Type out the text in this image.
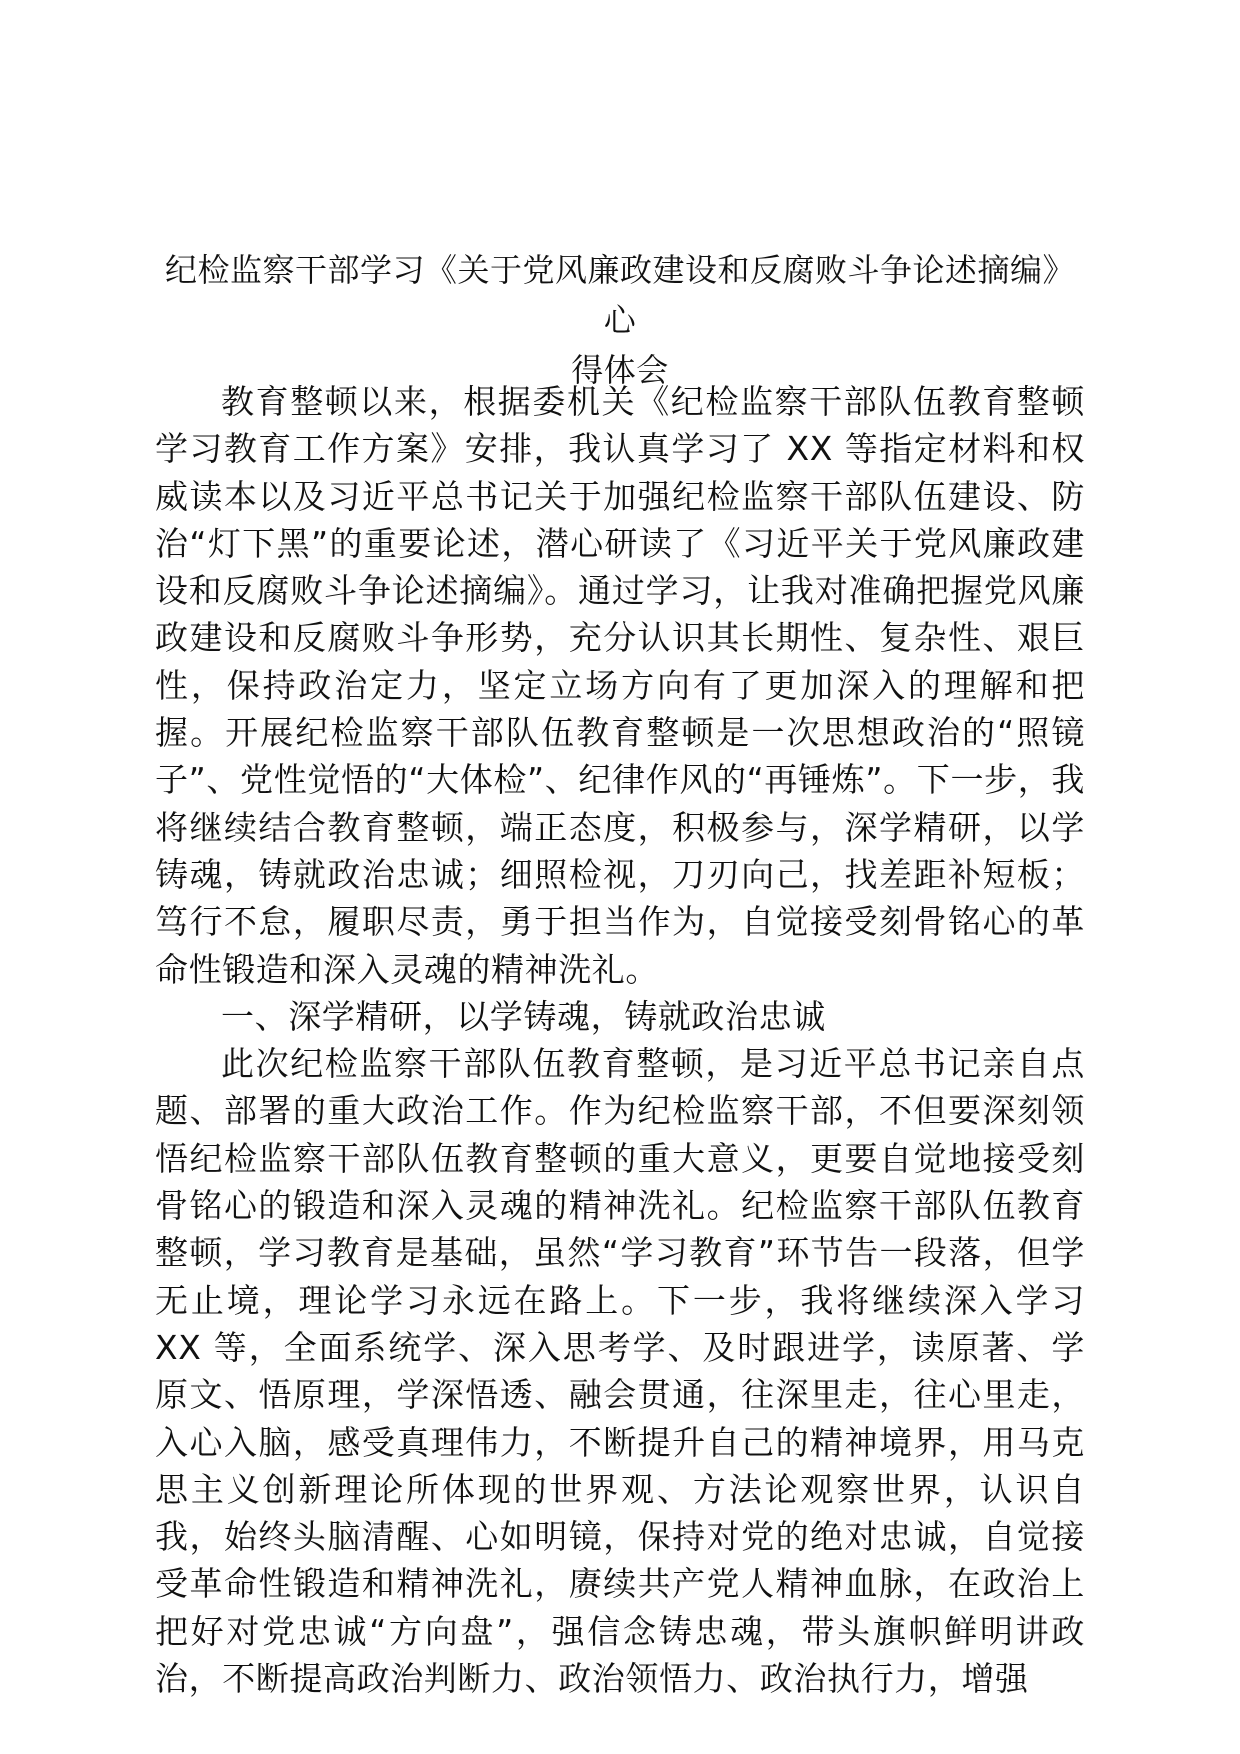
纪检监察干部学习《关于党风廉政建设和反腐败斗争论述摘编》心
得体会

教育整顿以来，根据委机关《纪检监察干部队伍教育整顿学习教育工作方案》安排，我认真学习了 XX 等指定材料和权威读本以及习近平总书记关于加强纪检监察干部队伍建设、防治“灯下黑”的重要论述，潜心研读了《习近平关于党风廉政建设和反腐败斗争论述摘编》。通过学习，让我对准确把握党风廉政建设和反腐败斗争形势，充分认识其长期性、复杂性、艰巨性，保持政治定力，坚定立场方向有了更加深入的理解和把握。开展纪检监察干部队伍教育整顿是一次思想政治的“照镜子”、党性觉悟的“大体检”、纪律作风的“再锤炼”。下一步，我将继续结合教育整顿，端正态度，积极参与，深学精研，以学铸魂，铸就政治忠诚；细照检视，刀刃向己，找差距补短板；笃行不怠，履职尽责，勇于担当作为，自觉接受刻骨铭心的革命性锻造和深入灵魂的精神洗礼。

一、深学精研，以学铸魂，铸就政治忠诚

此次纪检监察干部队伍教育整顿，是习近平总书记亲自点题、部署的重大政治工作。作为纪检监察干部，不但要深刻领悟纪检监察干部队伍教育整顿的重大意义，更要自觉地接受刻骨铭心的锻造和深入灵魂的精神洗礼。纪检监察干部队伍教育整顿，学习教育是基础，虽然“学习教育”环节告一段落，但学无止境，理论学习永远在路上。下一步，我将继续深入学习 XX 等，全面系统学、深入思考学、及时跟进学，读原著、学原文、悟原理，学深悟透、融会贯通，往深里走，往心里走，入心入脑，感受真理伟力，不断提升自己的精神境界，用马克思主义创新理论所体现的世界观、方法论观察世界，认识自我，始终头脑清醒、心如明镜，保持对党的绝对忠诚，自觉接受革命性锻造和精神洗礼，赓续共产党人精神血脉，在政治上把好对党忠诚“方向盘”，强信念铸忠魂，带头旗帜鲜明讲政治，不断提高政治判断力、政治领悟力、政治执行力，增强
